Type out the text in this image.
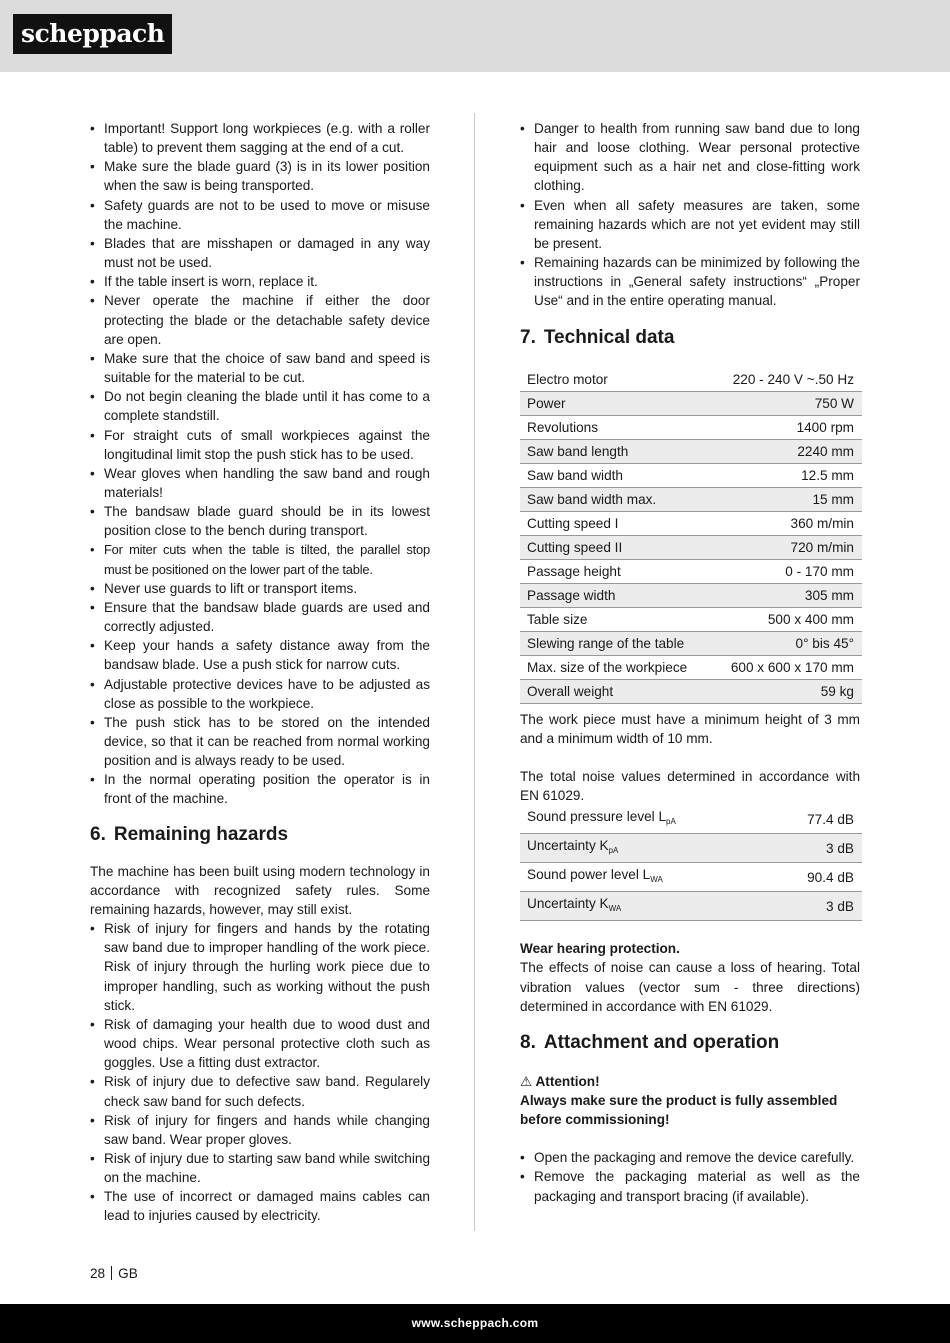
scheppach
• Important! Support long workpieces (e.g. with a roller table) to prevent them sagging at the end of a cut.
• Make sure the blade guard (3) is in its lower position when the saw is being transported.
• Safety guards are not to be used to move or misuse the machine.
• Blades that are misshapen or damaged in any way must not be used.
• If the table insert is worn, replace it.
• Never operate the machine if either the door protecting the blade or the detachable safety device are open.
• Make sure that the choice of saw band and speed is suitable for the material to be cut.
• Do not begin cleaning the blade until it has come to a complete standstill.
• For straight cuts of small workpieces against the longitudinal limit stop the push stick has to be used.
• Wear gloves when handling the saw band and rough materials!
• The bandsaw blade guard should be in its lowest position close to the bench during transport.
• For miter cuts when the table is tilted, the parallel stop must be positioned on the lower part of the table.
• Never use guards to lift or transport items.
• Ensure that the bandsaw blade guards are used and correctly adjusted.
• Keep your hands a safety distance away from the bandsaw blade. Use a push stick for narrow cuts.
• Adjustable protective devices have to be adjusted as close as possible to the workpiece.
• The push stick has to be stored on the intended device, so that it can be reached from normal working position and is always ready to be used.
• In the normal operating position the operator is in front of the machine.
6. Remaining hazards

The machine has been built using modern technology in accordance with recognized safety rules. Some remaining hazards, however, may still exist.

• Risk of injury for fingers and hands by the rotating saw band due to improper handling of the work piece. Risk of injury through the hurling work piece due to improper handling, such as working without the push stick.
• Risk of damaging your health due to wood dust and wood chips. Wear personal protective cloth such as goggles. Use a fitting dust extractor.
• Risk of injury due to defective saw band. Regularely check saw band for such defects.
• Risk of injury for fingers and hands while changing saw band. Wear proper gloves.
• Risk of injury due to starting saw band while switching on the machine.
• The use of incorrect or damaged mains cables can lead to injuries caused by electricity.
• Danger to health from running saw band due to long hair and loose clothing. Wear personal protective equipment such as a hair net and close-fitting work clothing.
• Even when all safety measures are taken, some remaining hazards which are not yet evident may still be present.
• Remaining hazards can be minimized by following the instructions in „General safety instructions“ „Proper Use“ and in the entire operating manual.
7. Technical data
Electro motor	220 - 240 V ~.50 Hz
Power	750 W
Revolutions	1400 rpm
Saw band length	2240 mm
Saw band width	12.5 mm
Saw band width max.	15 mm
Cutting speed I	360 m/min
Cutting speed II	720 m/min
Passage height	0 - 170 mm
Passage width	305 mm
Table size	500 x 400 mm
Slewing range of the table	0° bis 45°
Max. size of the workpiece	600 x 600 x 170 mm
Overall weight	59 kg

The work piece must have a minimum height of 3 mm and a minimum width of 10 mm.

The total noise values determined in accordance with EN 61029.

Sound pressure level $L_{pA}$	77.4 dB
Uncertainty $K_{pA}$	3 dB
Sound power level $L_{WA}$	90.4 dB
Uncertainty $K_{WA}$	3 dB

Wear hearing protection.

The effects of noise can cause a loss of hearing. Total vibration values (vector sum - three directions) determined in accordance with EN 61029.

8. Attachment and operation

⚠ Attention!

Always make sure the product is fully assembled before commissioning!

• Open the packaging and remove the device carefully.
• Remove the packaging material as well as the packaging and transport bracing (if available).
28 GB
www.scheppach.com
